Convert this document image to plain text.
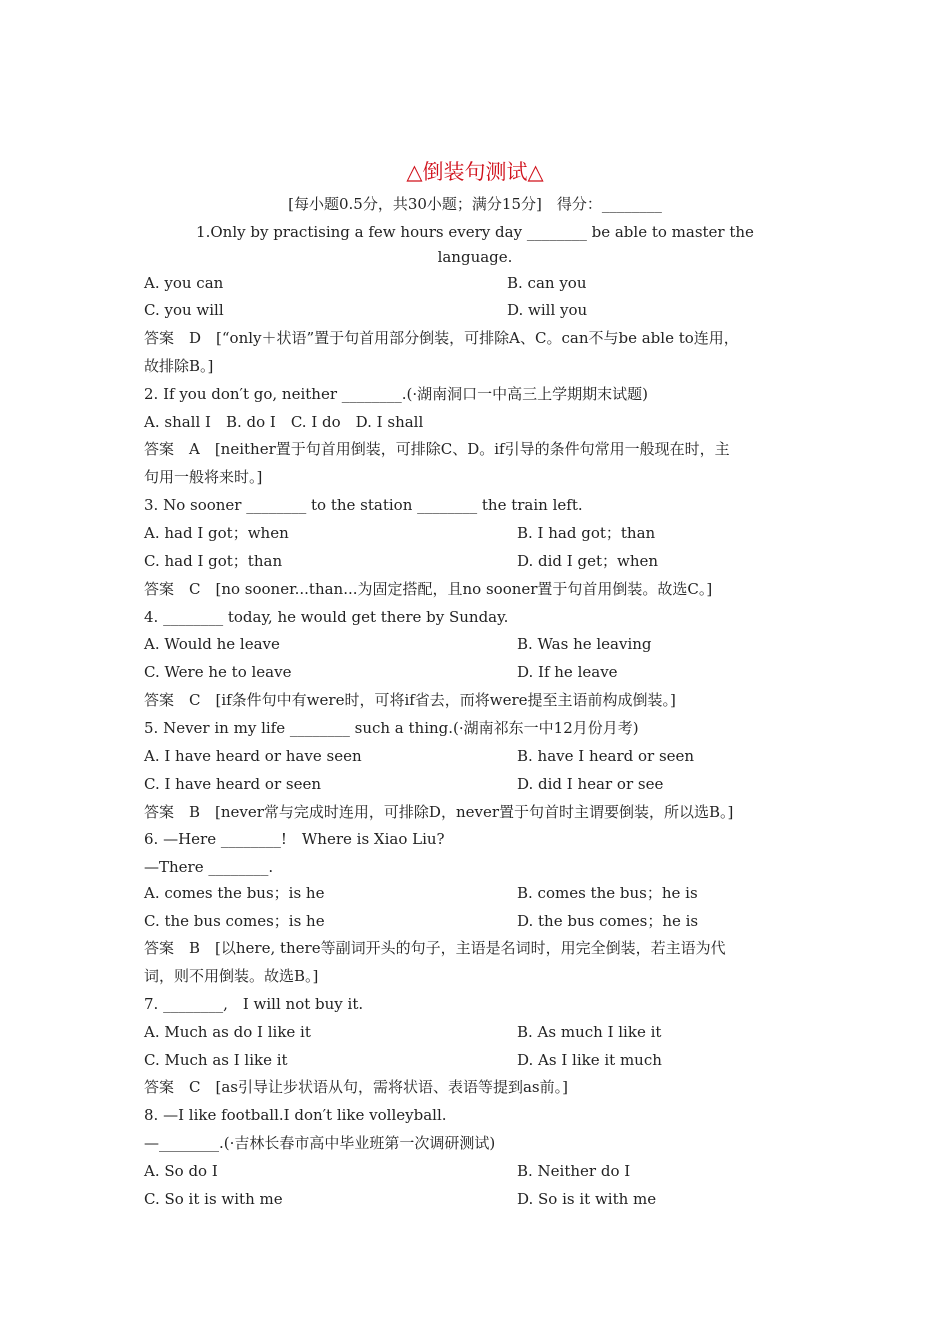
△倒装句测试△
[每小题0.5分，共30小题；满分15分]　得分：________
1.Only by practising a few hours every day ________ be able to master the
language.
A. you can	B. can you
C. you will	D. will you
答案　D　[“only＋状语”置于句首用部分倒装，可排除A、C。can不与be able to连用，
故排除B。]
2. If you don′t go, neither ________.(·湖南洞口一中高三上学期期末试题)
A. shall I　B. do I　C. I do　D. I shall
答案　A　[neither置于句首用倒装，可排除C、D。if引导的条件句常用一般现在时，主
句用一般将来时。]
3. No sooner ________ to the station ________ the train left.
A. had I got；when	B. I had got；than
C. had I got；than	D. did I get；when
答案　C　[no sooner...than...为固定搭配，且no sooner置于句首用倒装。故选C。]
4. ________ today, he would get there by Sunday.
A. Would he leave	B. Was he leaving
C. Were he to leave	D. If he leave
答案　C　[if条件句中有were时，可将if省去，而将were提至主语前构成倒装。]
5. Never in my life ________ such a thing.(·湖南祁东一中12月份月考)
A. I have heard or have seen	B. have I heard or seen
C. I have heard or seen	D. did I hear or see
答案　B　[never常与完成时连用，可排除D，never置于句首时主谓要倒装，所以选B。]
6. —Here ________!　Where is Xiao Liu?
—There ________.
A. comes the bus；is he	B. comes the bus；he is
C. the bus comes；is he	D. the bus comes；he is
答案　B　[以here, there等副词开头的句子，主语是名词时，用完全倒装，若主语为代
词，则不用倒装。故选B。]
7. ________,　I will not buy it.
A. Much as do I like it	B. As much I like it
C. Much as I like it	D. As I like it much
答案　C　[as引导让步状语从句，需将状语、表语等提到as前。]
8. —I like football.I don′t like volleyball.
—________.(·吉林长春市高中毕业班第一次调研测试)
A. So do I	B. Neither do I
C. So it is with me	D. So is it with me
